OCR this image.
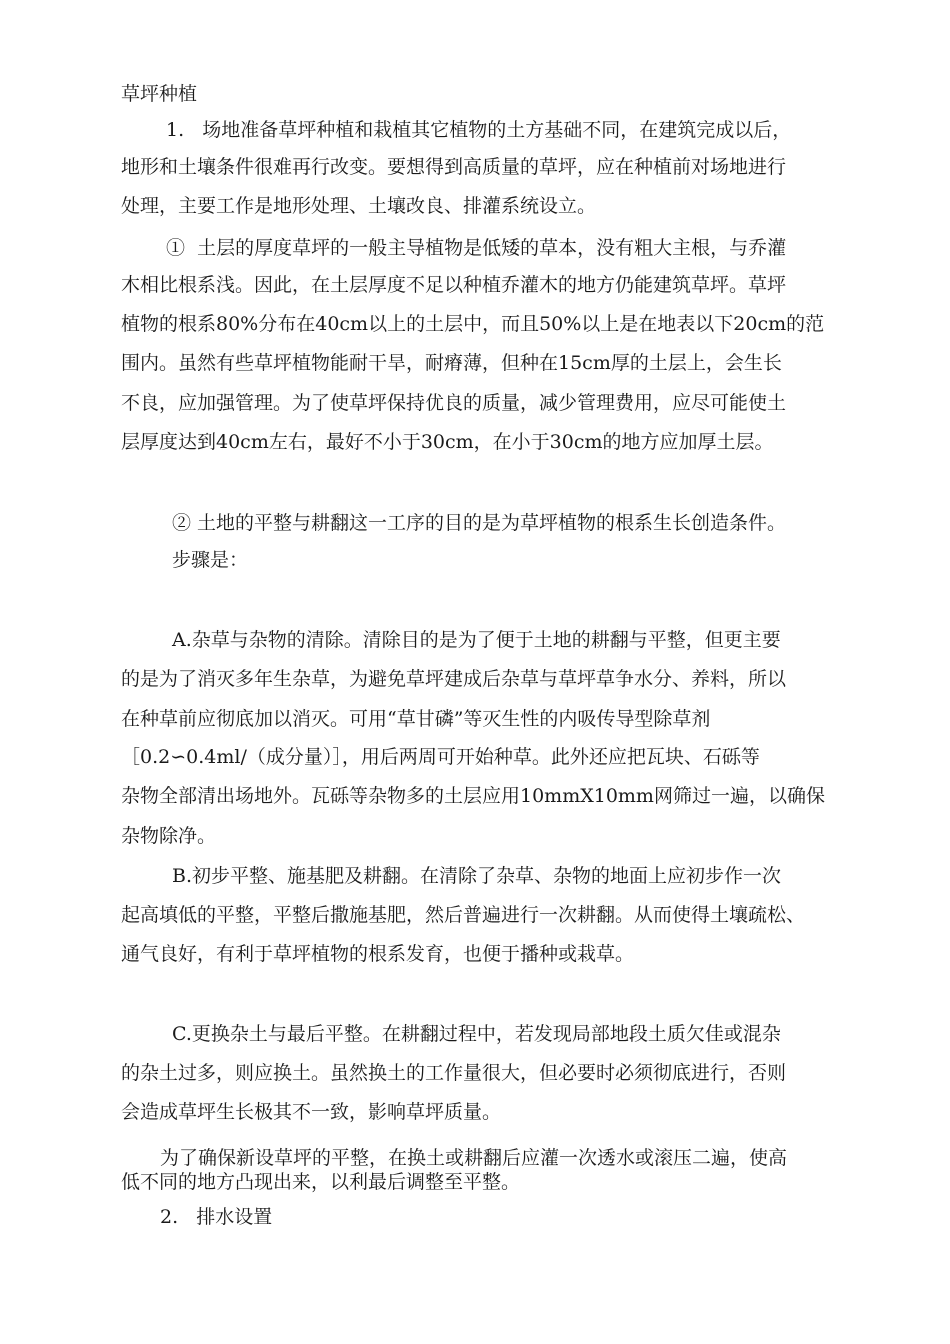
草坪种植
1.   场地准备草坪种植和栽植其它植物的土方基础不同，在建筑完成以后，
地形和土壤条件很难再行改变。要想得到高质量的草坪，应在种植前对场地进行
处理，主要工作是地形处理、土壤改良、排灌系统设立。
①  土层的厚度草坪的一般主导植物是低矮的草本，没有粗大主根，与乔灌
木相比根系浅。因此，在土层厚度不足以种植乔灌木的地方仍能建筑草坪。草坪
植物的根系80%分布在40cm以上的土层中，而且50%以上是在地表以下20cm的范
围内。虽然有些草坪植物能耐干旱，耐瘠薄，但种在15cm厚的土层上，会生长
不良，应加强管理。为了使草坪保持优良的质量，减少管理费用，应尽可能使土
层厚度达到40cm左右，最好不小于30cm，在小于30cm的地方应加厚土层。
② 土地的平整与耕翻这一工序的目的是为草坪植物的根系生长创造条件。
步骤是：
A.杂草与杂物的清除。清除目的是为了便于土地的耕翻与平整，但更主要
的是为了消灭多年生杂草，为避免草坪建成后杂草与草坪草争水分、养料，所以
在种草前应彻底加以消灭。可用“草甘磷”等灭生性的内吸传导型除草剂
［0.2∽0.4ml/（成分量）］，用后两周可开始种草。此外还应把瓦块、石砾等
杂物全部清出场地外。瓦砾等杂物多的土层应用10mmX10mm网筛过一遍，以确保
杂物除净。
B.初步平整、施基肥及耕翻。在清除了杂草、杂物的地面上应初步作一次
起高填低的平整，平整后撒施基肥，然后普遍进行一次耕翻。从而使得土壤疏松、
通气良好，有利于草坪植物的根系发育，也便于播种或栽草。
C.更换杂土与最后平整。在耕翻过程中，若发现局部地段土质欠佳或混杂
的杂土过多，则应换土。虽然换土的工作量很大，但必要时必须彻底进行，否则
会造成草坪生长极其不一致，影响草坪质量。
为了确保新设草坪的平整，在换土或耕翻后应灌一次透水或滚压二遍，使高
低不同的地方凸现出来，以利最后调整至平整。
2.   排水设置
